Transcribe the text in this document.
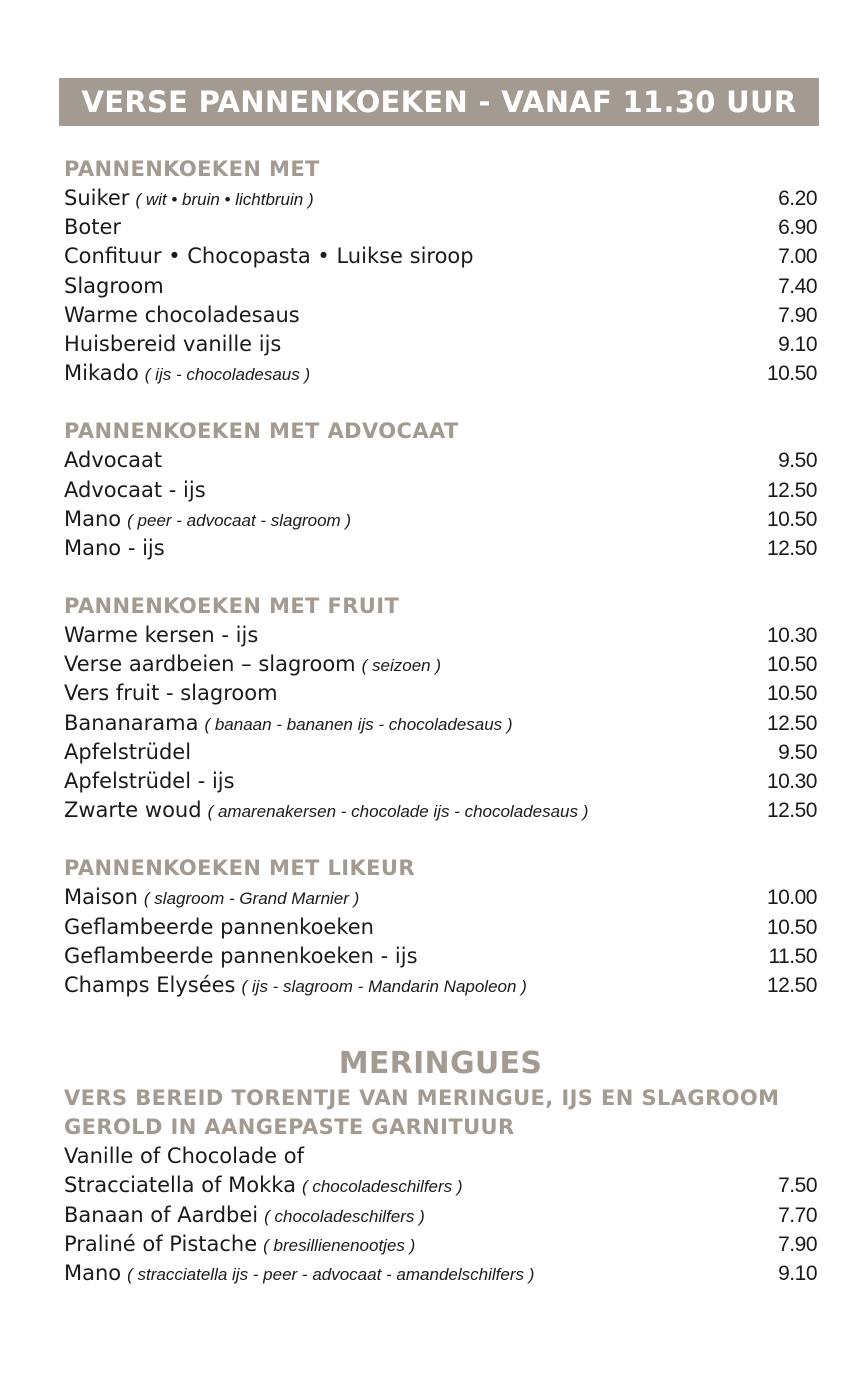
VERSE PANNENKOEKEN - VANAF 11.30 UUR
PANNENKOEKEN MET
Suiker ( wit • bruin • lichtbruin )	6.20
Boter	6.90
Confituur • Chocopasta • Luikse siroop	7.00
Slagroom	7.40
Warme chocoladesaus	7.90
Huisbereid vanille ijs	9.10
Mikado ( ijs - chocoladesaus )	10.50
PANNENKOEKEN MET ADVOCAAT
Advocaat	9.50
Advocaat - ijs	12.50
Mano ( peer - advocaat - slagroom )	10.50
Mano - ijs	12.50
PANNENKOEKEN MET FRUIT
Warme kersen - ijs	10.30
Verse aardbeien – slagroom ( seizoen )	10.50
Vers fruit - slagroom	10.50
Bananarama ( banaan - bananen ijs - chocoladesaus )	12.50
Apfelstrüdel	9.50
Apfelstrüdel - ijs	10.30
Zwarte woud ( amarenakersen - chocolade ijs - chocoladesaus )	12.50
PANNENKOEKEN MET LIKEUR
Maison ( slagroom - Grand Marnier )	10.00
Geflambeerde pannenkoeken	10.50
Geflambeerde pannenkoeken - ijs	11.50
Champs Elysées ( ijs - slagroom - Mandarin Napoleon )	12.50
MERINGUES
VERS BEREID TORENTJE VAN MERINGUE, IJS EN SLAGROOM
GEROLD IN AANGEPASTE GARNITUUR
Vanille of Chocolade of
Stracciatella of Mokka ( chocoladeschilfers )	7.50
Banaan of Aardbei ( chocoladeschilfers )	7.70
Praliné of Pistache ( bresillienenootjes )	7.90
Mano ( stracciatella ijs - peer - advocaat - amandelschilfers )	9.10
